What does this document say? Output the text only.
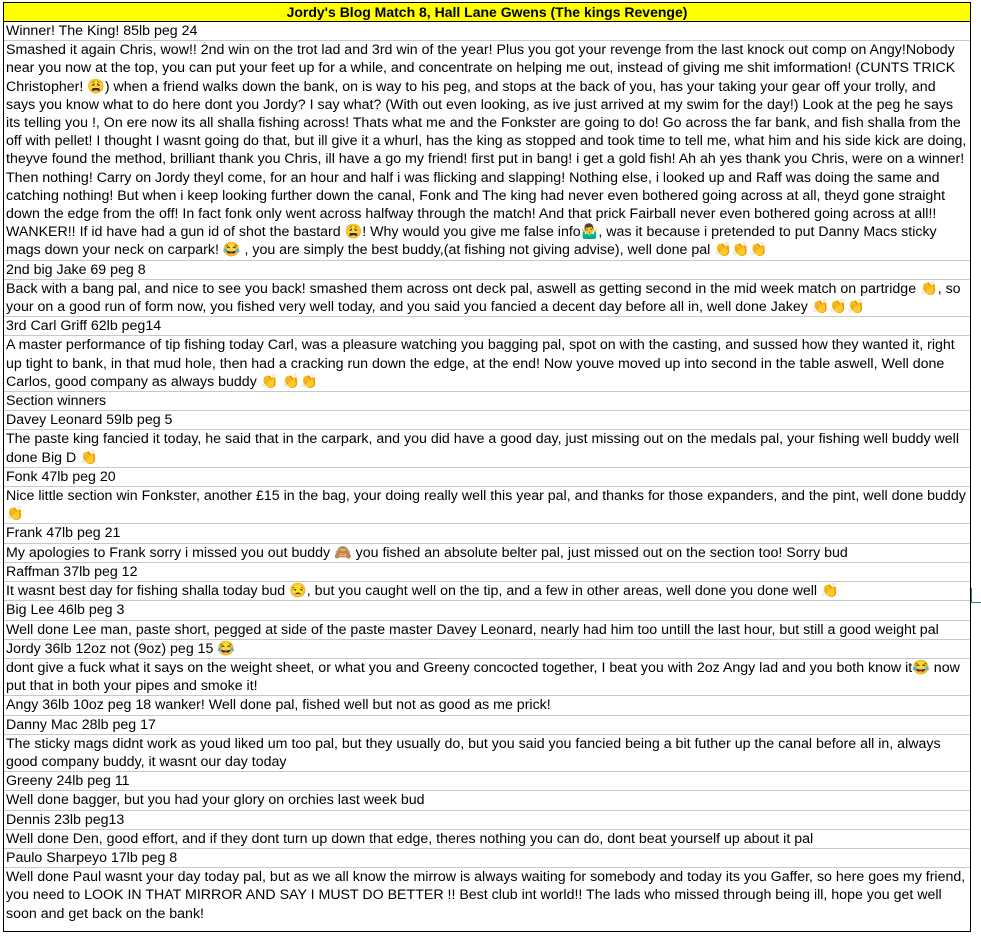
Jordy's Blog Match 8, Hall Lane Gwens (The kings Revenge)
Winner! The King! 85lb peg 24
Smashed it again Chris, wow!! 2nd win on the trot lad and 3rd win of the year! Plus you got your revenge from the last knock out comp on Angy!Nobody near you now at the top, you can put your feet up for a while, and concentrate on helping me out, instead of giving me shit imformation! (CUNTS TRICK Christopher! 😩) when a friend walks down the bank, on is way to his peg, and stops at the back of you, has your taking your gear off your trolly, and says you know what to do here dont you Jordy? I say what? (With out even looking, as ive just arrived at my swim for the day!) Look at the peg he says its telling you !, On ere now its all shalla fishing across! Thats what me and the Fonkster are going to do! Go across the far bank, and fish shalla from the off with pellet! I thought I wasnt going do that, but ill give it a whurl, has the king as stopped and took time to tell me, what him and his side kick are doing, theyve found the method, brilliant thank you Chris, ill have a go my friend! first put in bang! i get a gold fish! Ah ah yes thank you Chris, were on a winner! Then nothing! Carry on Jordy theyl come, for an hour and half i was flicking and slapping! Nothing else, i looked up and Raff was doing the same and catching nothing! But when i keep looking further down the canal, Fonk and The king had never even bothered going across at all, theyd gone straight down the edge from the off! In fact fonk only went across halfway through the match! And that prick Fairball never even bothered going across at all!! WANKER!! If id have had a gun id of shot the bastard 😩! Why would you give me false info🤷‍♂, was it because i pretended to put Danny Macs sticky mags down your neck on carpark! 😂 , you are simply the best buddy,(at fishing not giving advise), well done pal 👏👏👏
2nd big Jake 69 peg 8
Back with a bang pal, and nice to see you back! smashed them across ont deck pal, aswell as getting second in the mid week match on partridge 👏, so your on a good run of form now, you fished very well today, and you said you fancied a decent day before all in, well done Jakey 👏👏👏
3rd Carl Griff 62lb peg14
A master performance of tip fishing today Carl, was a pleasure watching you bagging pal, spot on with the casting, and sussed how they wanted it, right up tight to bank, in that mud hole, then had a cracking run down the edge, at the end! Now youve moved up into second in the table aswell, Well done Carlos, good company as always buddy 👏 👏👏
Section winners
Davey Leonard 59lb peg 5
The paste king fancied it today, he said that in the carpark, and you did have a good day, just missing out on the medals pal, your fishing well buddy well done Big D 👏
Fonk 47lb peg 20
Nice little section win Fonkster, another £15 in the bag, your doing really well this year pal, and thanks for those expanders, and the pint, well done buddy 👏
Frank 47lb peg 21
My apologies to Frank sorry i missed you out buddy 🙈 you fished an absolute belter pal, just missed out on the section too! Sorry bud
Raffman 37lb peg 12
It wasnt best day for fishing shalla today bud 😒, but you caught well on the tip, and a few in other areas, well done you done well 👏
Big Lee 46lb peg 3
Well done Lee man, paste short, pegged at side of the paste master Davey Leonard, nearly had him too untill the last hour, but still a good weight pal
Jordy 36lb 12oz not (9oz) peg 15 😂
dont give a fuck what it says on the weight sheet, or what you and Greeny concocted together, I beat you with 2oz Angy lad and you both know it😂 now put that in both your pipes and smoke it!
Angy 36lb 10oz peg 18 wanker! Well done pal, fished well but not as good as me prick!
Danny Mac 28lb peg 17
The sticky mags didnt work as youd liked um too pal, but they usually do, but you said you fancied being a bit futher up the canal before all in, always good company buddy, it wasnt our day today
Greeny 24lb peg 11
Well done bagger, but you had your glory on orchies last week bud
Dennis 23lb peg13
Well done Den, good effort, and if they dont turn up down that edge, theres nothing you can do, dont beat yourself up about it pal
Paulo Sharpeyo 17lb peg 8
Well done Paul wasnt your day today pal, but as we all know the mirrow is always waiting for somebody and today its you Gaffer, so here goes my friend, you need to LOOK IN THAT MIRROR AND SAY I MUST DO BETTER !! Best club int world!! The lads who missed through being ill, hope you get well soon and get back on the bank!
